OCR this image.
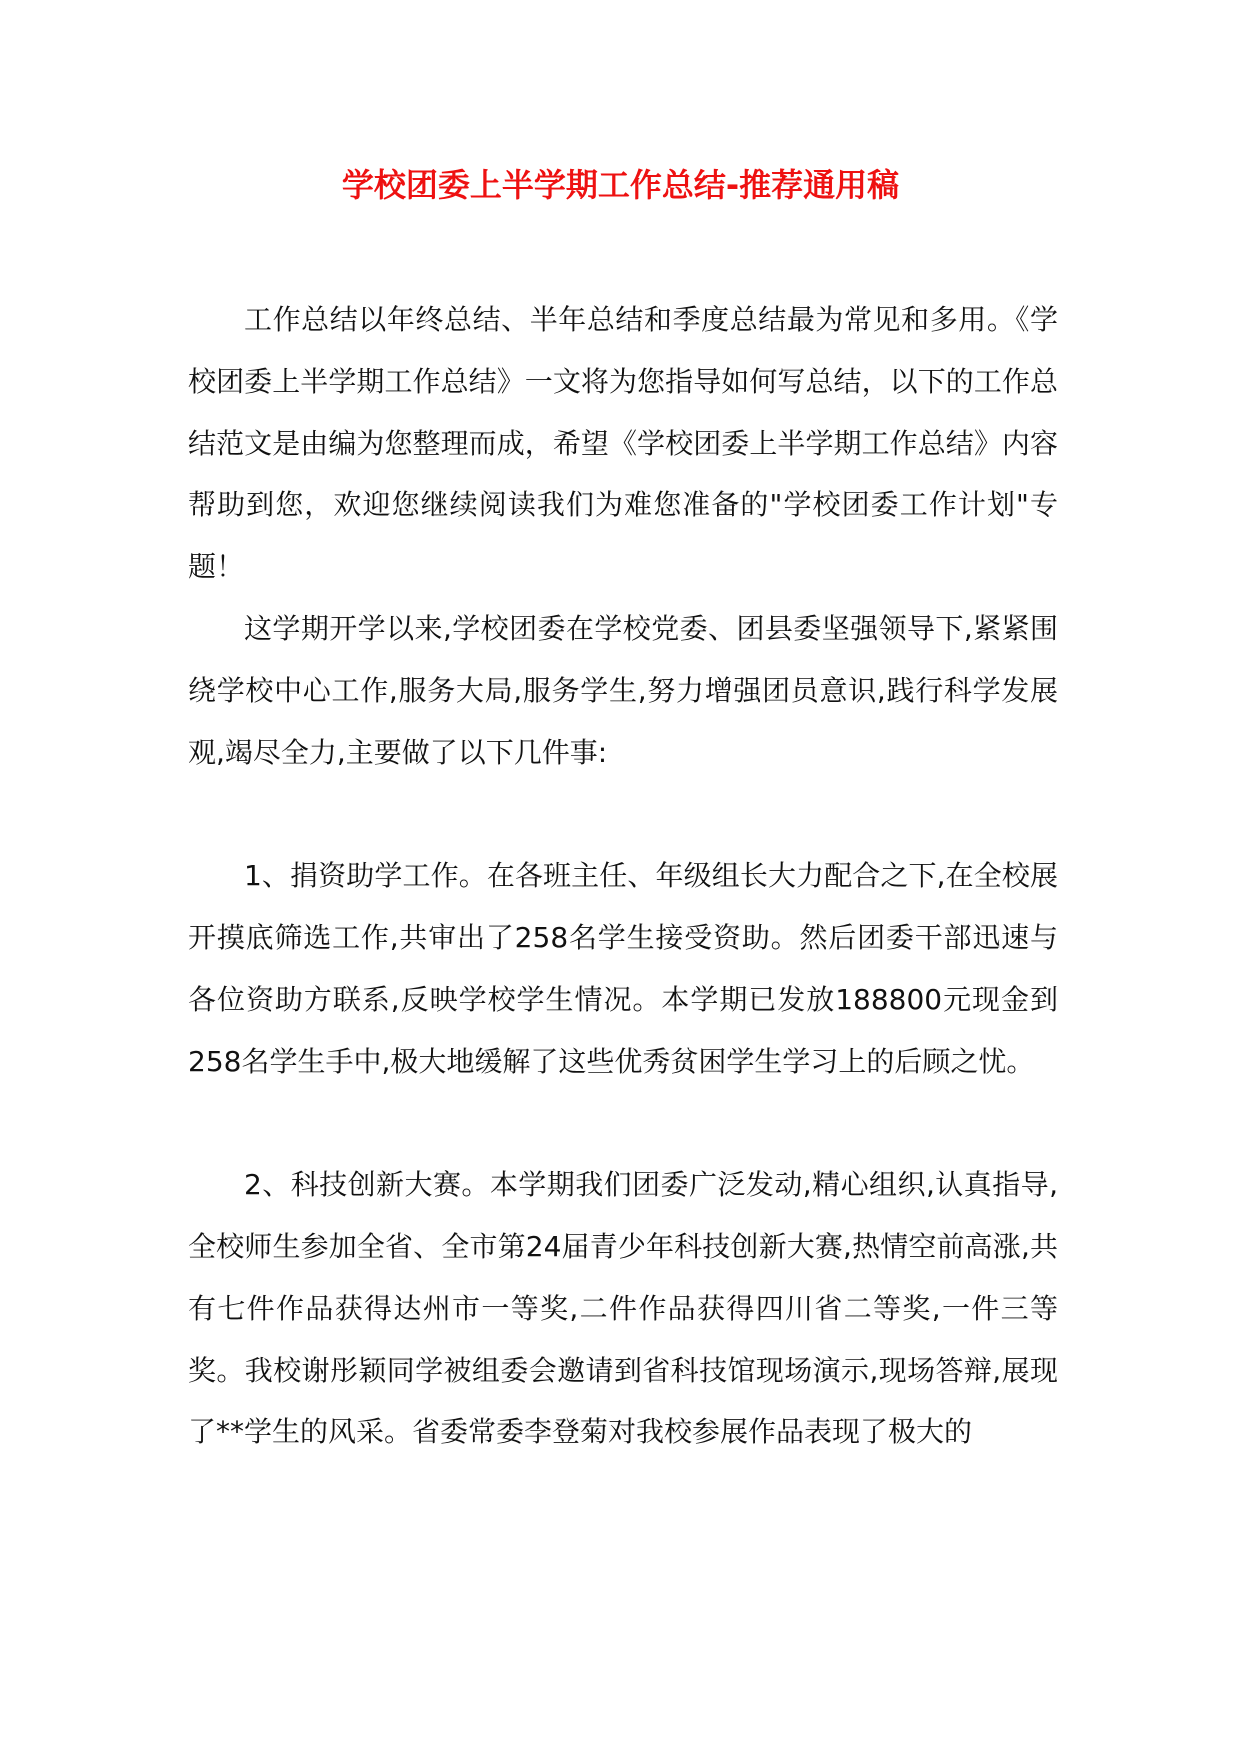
学校团委上半学期工作总结-推荐通用稿

工作总结以年终总结、半年总结和季度总结最为常见和多用。《学校团委上半学期工作总结》一文将为您指导如何写总结，以下的工作总结范文是由编为您整理而成，希望《学校团委上半学期工作总结》内容帮助到您，欢迎您继续阅读我们为难您准备的"学校团委工作计划"专题！

这学期开学以来,学校团委在学校党委、团县委坚强领导下,紧紧围绕学校中心工作,服务大局,服务学生,努力增强团员意识,践行科学发展观,竭尽全力,主要做了以下几件事:

1、捐资助学工作。在各班主任、年级组长大力配合之下,在全校展开摸底筛选工作,共审出了258名学生接受资助。然后团委干部迅速与各位资助方联系,反映学校学生情况。本学期已发放188800元现金到258名学生手中,极大地缓解了这些优秀贫困学生学习上的后顾之忧。

2、科技创新大赛。本学期我们团委广泛发动,精心组织,认真指导,全校师生参加全省、全市第24届青少年科技创新大赛,热情空前高涨,共有七件作品获得达州市一等奖,二件作品获得四川省二等奖,一件三等奖。我校谢彤颖同学被组委会邀请到省科技馆现场演示,现场答辩,展现了**学生的风采。省委常委李登菊对我校参展作品表现了极大的
